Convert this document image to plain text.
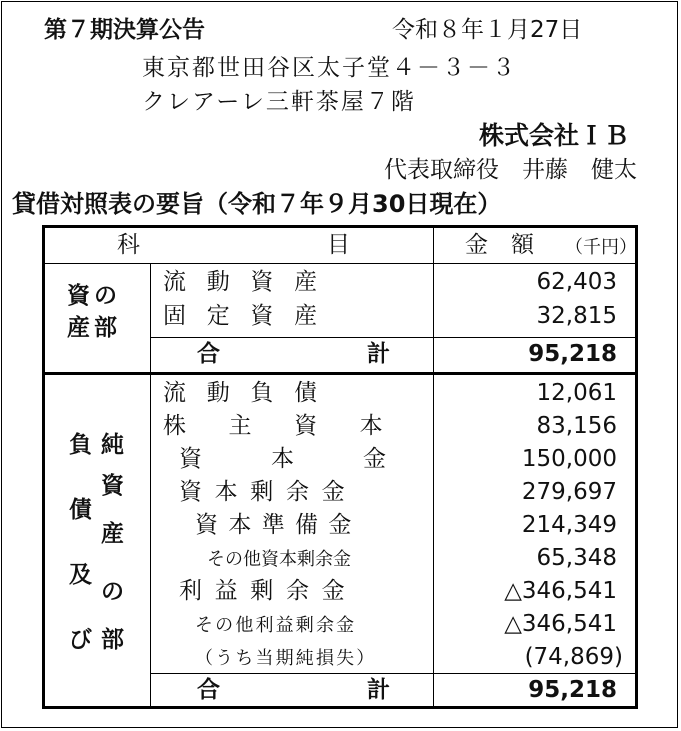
第７期決算公告	令和８年１月27日
東京都世田谷区太子堂４－３－３
クレアーレ三軒茶屋７階
株式会社ＩＢ
代表取締役　井藤　健太
貸借対照表の要旨（令和７年９月30日現在）
科	目	金　額 （千円）
資の
産部
流動資産	62,403
固定資産	32,815
合	計	95,218
負
債
及
び
純
資
産
の
部
流動負債	12,061
株主資本	83,156
資本金	150,000
資本剰余金	279,697
資本準備金	214,349
その他資本剰余金	65,348
利益剰余金	△346,541
その他利益剰余金	△346,541
（うち当期純損失）	(74,869)
合	計	95,218
